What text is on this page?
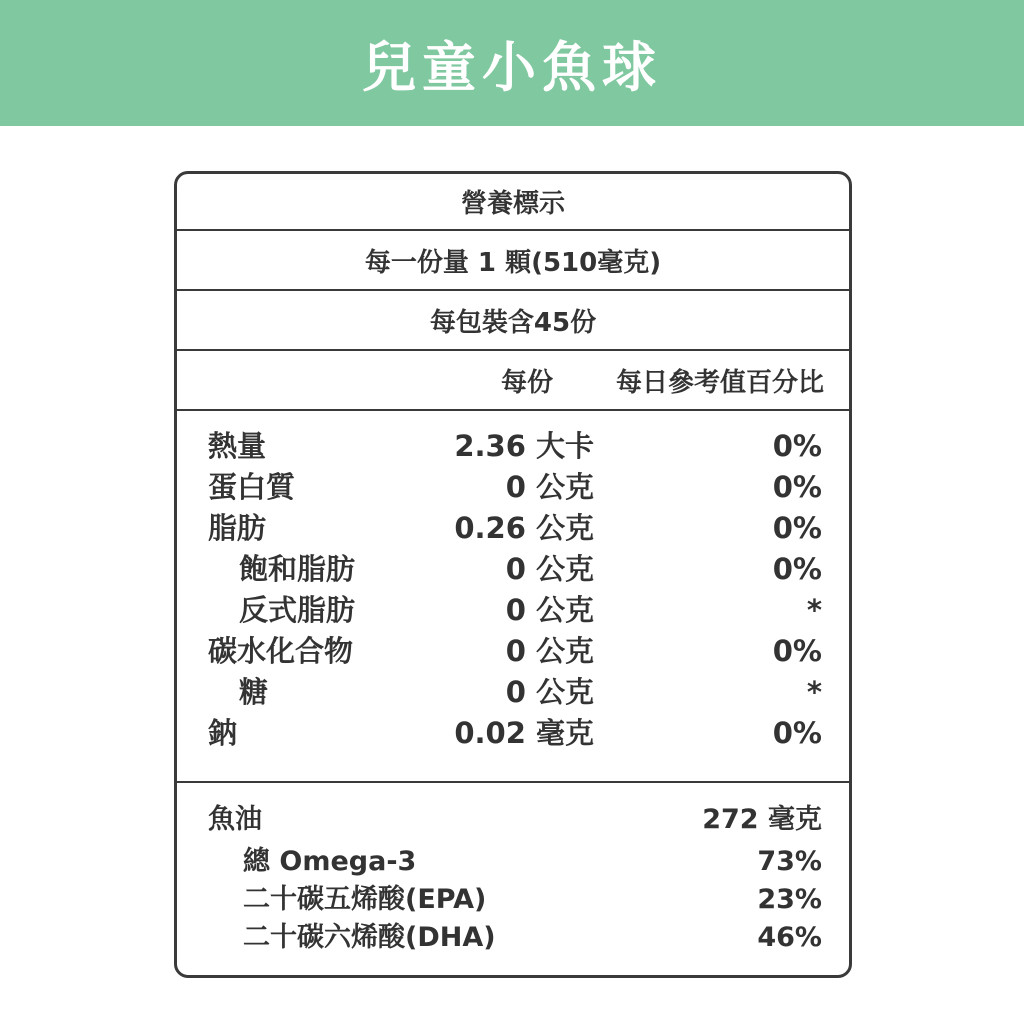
兒童小魚球
營養標示
每一份量 1 顆(510毫克)
每包裝含45份
每份 每日參考值百分比
熱量	2.36 大卡	0%
蛋白質	0 公克	0%
脂肪	0.26 公克	0%
飽和脂肪	0 公克	0%
反式脂肪	0 公克	*
碳水化合物	0 公克	0%
糖	0 公克	*
鈉	0.02 毫克	0%
魚油	272 毫克
總 Omega-3	73%
二十碳五烯酸(EPA)	23%
二十碳六烯酸(DHA)	46%
